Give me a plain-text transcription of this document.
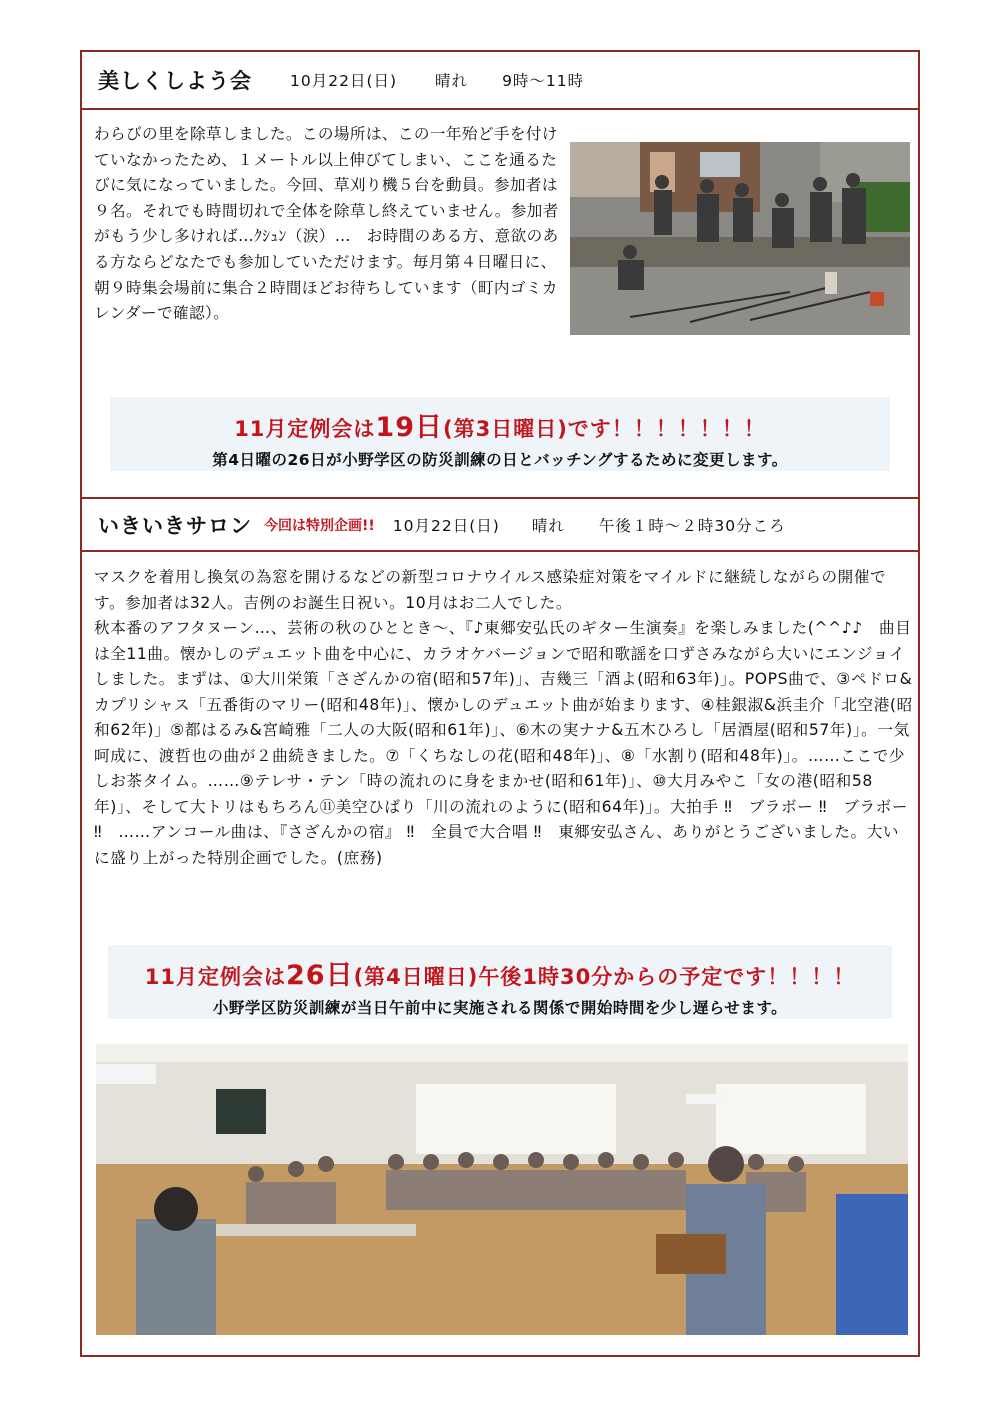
美しくしよう会 10月22日(日) 晴れ 9時～11時
わらびの里を除草しました。この場所は、この一年殆ど手を付けていなかったため、１メートル以上伸びてしまい、ここを通るたびに気になっていました。今回、草刈り機５台を動員。参加者は９名。それでも時間切れで全体を除草し終えていません。参加者がもう少し多ければ…ｸｼｭﾝ（涙）…　お時間のある方、意欲のある方ならどなたでも参加していただけます。毎月第４日曜日に、朝９時集会場前に集合２時間ほどお待ちしています（町内ゴミカレンダーで確認）。
11月定例会は19日(第3日曜日)です！！！！！！！
第4日曜の26日が小野学区の防災訓練の日とバッチングするために変更します。
いきいきサロン 今回は特別企画!! 10月22日(日) 晴れ 午後１時～２時30分ころ
マスクを着用し換気の為窓を開けるなどの新型コロナウイルス感染症対策をマイルドに継続しながらの開催です。参加者は32人。吉例のお誕生日祝い。10月はお二人でした。
秋本番のアフタヌーン…、芸術の秋のひととき～、『♪東郷安弘氏のギター生演奏』を楽しみました(^^♪♪　曲目は全11曲。懐かしのデュエット曲を中心に、カラオケバージョンで昭和歌謡を口ずさみながら大いにエンジョイしました。まずは、①大川栄策「さざんかの宿(昭和57年)」、吉幾三「酒よ(昭和63年)」。POPS曲で、③ペドロ&カプリシャス「五番街のマリー(昭和48年)」、懐かしのデュエット曲が始まります、④桂銀淑&浜圭介「北空港(昭和62年)」⑤都はるみ&宮崎雅「二人の大阪(昭和61年)」、⑥木の実ナナ&五木ひろし「居酒屋(昭和57年)」。一気呵成に、渡哲也の曲が２曲続きました。⑦「くちなしの花(昭和48年)」、⑧「水割り(昭和48年)」。……ここで少しお茶タイム。……⑨テレサ・テン「時の流れのに身をまかせ(昭和61年)」、⑩大月みやこ「女の港(昭和58年)」、そして大トリはもちろん⑪美空ひばり「川の流れのように(昭和64年)」。大拍手 ‼　ブラボー ‼　ブラボー ‼　……アンコール曲は、『さざんかの宿』 ‼　全員で大合唱 ‼　東郷安弘さん、ありがとうございました。大いに盛り上がった特別企画でした。(庶務)
11月定例会は26日(第4日曜日)午後1時30分からの予定です！！！！
小野学区防災訓練が当日午前中に実施される関係で開始時間を少し遅らせます。
